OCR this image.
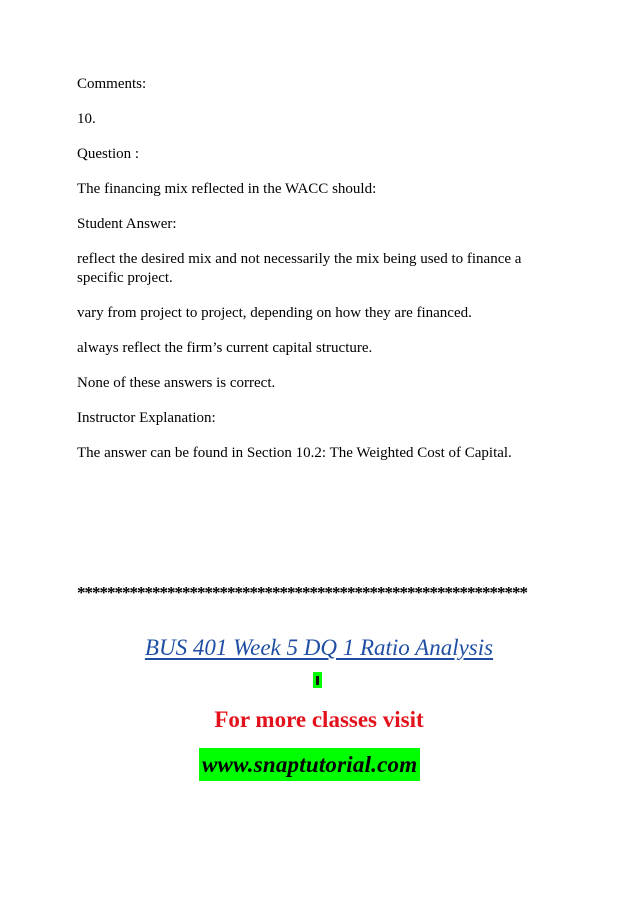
Comments:

10.

Question :

The financing mix reflected in the WACC should:

Student Answer:

reflect the desired mix and not necessarily the mix being used to finance a specific project.

vary from project to project, depending on how they are financed.

always reflect the firm’s current capital structure.

None of these answers is correct.

Instructor Explanation:

The answer can be found in Section 10.2: The Weighted Cost of Capital.

************************************************************
BUS 401 Week 5 DQ 1 Ratio Analysis
For more classes visit
www.snaptutorial.com
